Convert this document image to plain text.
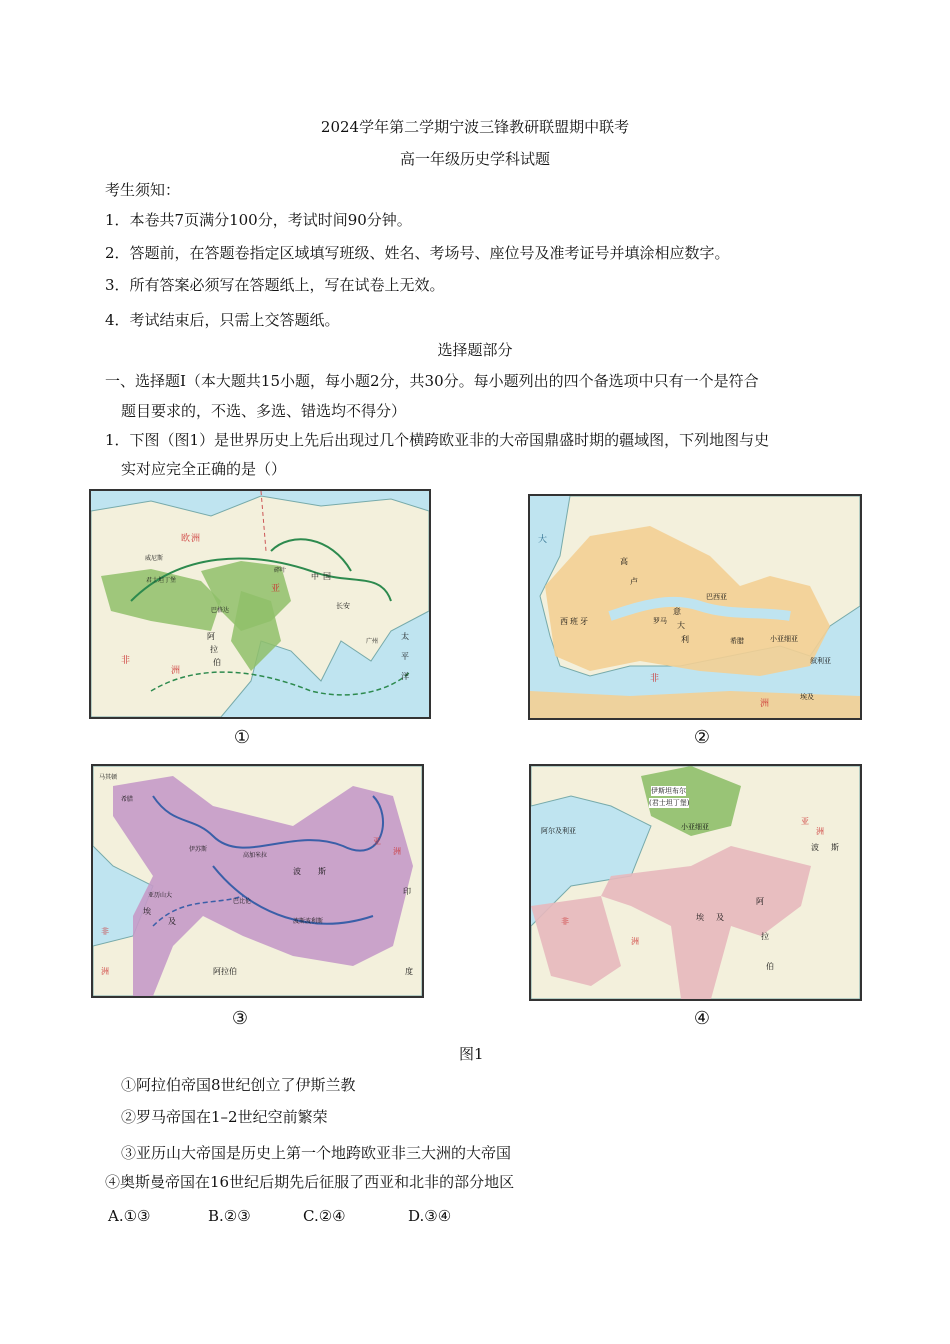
2024学年第二学期宁波三锋教研联盟期中联考
高一年级历史学科试题
考生须知：
1．本卷共7页满分100分，考试时间90分钟。
2．答题前，在答题卷指定区域填写班级、姓名、考场号、座位号及准考证号并填涂相应数字。
3．所有答案必须写在答题纸上，写在试卷上无效。
4．考试结束后，只需上交答题纸。
选择题部分
一、选择题Ⅰ（本大题共15小题，每小题2分，共30分。每小题列出的四个备选项中只有一个是符合
题目要求的，不选、多选、错选均不得分）
1．下图（图1）是世界历史上先后出现过几个横跨欧亚非的大帝国鼎盛时期的疆域图，下列地图与史
实对应完全正确的是（）
欧 洲
亚
中 国
长安
阿
拉
伯
非
洲
太
平
洋
威尼斯
君士坦丁堡
巴格达
碎叶
广州
大
高
卢
西 班 牙	罗马
意
大
利
巴西亚
希腊	小亚细亚
叙利亚
非
洲
埃及
马其顿
希腊
伊苏斯
高加米拉
亚历山大
埃
及
巴比伦
波 斯
波斯波利斯
阿拉伯
印
度
非
洲
亚
洲
伊斯坦布尔
(君士坦丁堡)
小亚细亚
阿尔及利亚
波 斯
埃 及
阿
拉
伯
非
洲
亚
洲
①	②
③	④
图1
①阿拉伯帝国8世纪创立了伊斯兰教
②罗马帝国在1–2世纪空前繁荣
③亚历山大帝国是历史上第一个地跨欧亚非三大洲的大帝国
④奥斯曼帝国在16世纪后期先后征服了西亚和北非的部分地区
A.①③	B.②③	C.②④	D.③④
